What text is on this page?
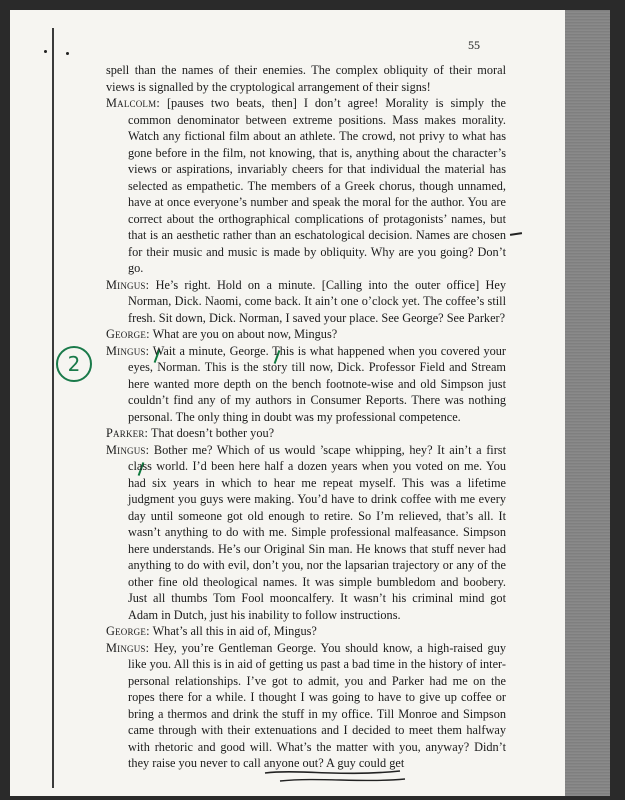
55
2

spell than the names of their enemies. The complex obliquity of their moral views is signalled by the cryptological arrangement of their signs!

Malcolm: [pauses two beats, then] I don’t agree! Morality is simply the common denominator between extreme positions. Mass makes morality. Watch any fictional film about an athlete. The crowd, not privy to what has gone before in the film, not knowing, that is, anything about the character’s views or aspirations, invariably cheers for that individual the material has selected as empathetic. The members of a Greek chorus, though unnamed, have at once everyone’s number and speak the moral for the author. You are correct about the orthographical complications of protagonists’ names, but that is an aesthetic rather than an eschatological decision. Names are chosen for their music and music is made by obliquity. Why are you going? Don’t go.

Mingus: He’s right. Hold on a minute. [Calling into the outer office] Hey Norman, Dick. Naomi, come back. It ain’t one o’clock yet. The coffee’s still fresh. Sit down, Dick. Norman, I saved your place. See George? See Parker?

George: What are you on about now, Mingus?

Mingus: Wait a minute, George. This is what happened when you covered your eyes, Norman. This is the story till now, Dick. Professor Field and Stream here wanted more depth on the bench footnote-wise and old Simpson just couldn’t find any of my authors in Consumer Reports. There was nothing personal. The only thing in doubt was my professional competence.

Parker: That doesn’t bother you?

Mingus: Bother me? Which of us would ’scape whipping, hey? It ain’t a first class world. I’d been here half a dozen years when you voted on me. You had six years in which to hear me repeat myself. This was a lifetime judgment you guys were making. You’d have to drink coffee with me every day until someone got old enough to retire. So I’m relieved, that’s all. It wasn’t anything to do with me. Simple professional malfeasance. Simpson here understands. He’s our Original Sin man. He knows that stuff never had anything to do with evil, don’t you, nor the lapsarian trajectory or any of the other fine old theological names. It was simple bumbledom and boobery. Just all thumbs Tom Fool mooncalfery. It wasn’t his criminal mind got Adam in Dutch, just his inability to follow instructions.

George: What’s all this in aid of, Mingus?

Mingus: Hey, you’re Gentleman George. You should know, a high-raised guy like you. All this is in aid of getting us past a bad time in the history of inter-personal relationships. I’ve got to admit, you and Parker had me on the ropes there for a while. I thought I was going to have to give up coffee or bring a thermos and drink the stuff in my office. Till Monroe and Simpson came through with their extenuations and I decided to meet them halfway with rhetoric and good will. What’s the matter with you, anyway? Didn’t they raise you never to call anyone out? A guy could get
